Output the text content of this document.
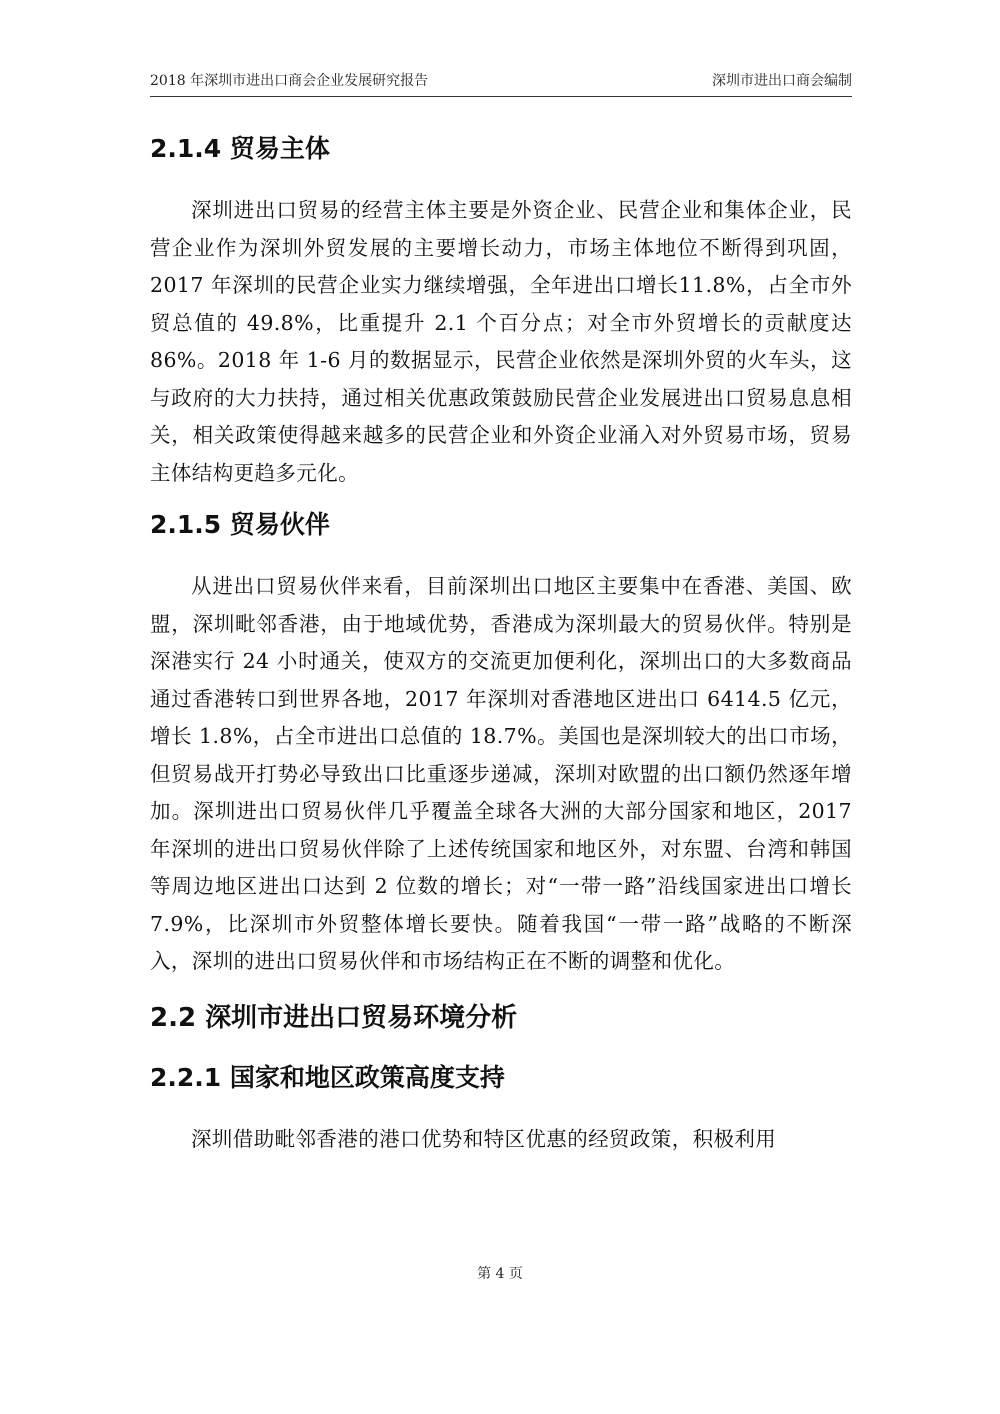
2018 年深圳市进出口商会企业发展研究报告	深圳市进出口商会编制
2.1.4 贸易主体

深圳进出口贸易的经营主体主要是外资企业、民营企业和集体企业，民营企业作为深圳外贸发展的主要增长动力，市场主体地位不断得到巩固，2017 年深圳的民营企业实力继续增强，全年进出口增长11.8%，占全市外贸总值的 49.8%，比重提升 2.1 个百分点；对全市外贸增长的贡献度达 86%。2018 年 1-6 月的数据显示，民营企业依然是深圳外贸的火车头，这与政府的大力扶持，通过相关优惠政策鼓励民营企业发展进出口贸易息息相关，相关政策使得越来越多的民营企业和外资企业涌入对外贸易市场，贸易主体结构更趋多元化。

2.1.5 贸易伙伴

从进出口贸易伙伴来看，目前深圳出口地区主要集中在香港、美国、欧盟，深圳毗邻香港，由于地域优势，香港成为深圳最大的贸易伙伴。特别是深港实行 24 小时通关，使双方的交流更加便利化，深圳出口的大多数商品通过香港转口到世界各地，2017 年深圳对香港地区进出口 6414.5 亿元，增长 1.8%，占全市进出口总值的 18.7%。美国也是深圳较大的出口市场，但贸易战开打势必导致出口比重逐步递减，深圳对欧盟的出口额仍然逐年增加。深圳进出口贸易伙伴几乎覆盖全球各大洲的大部分国家和地区，2017 年深圳的进出口贸易伙伴除了上述传统国家和地区外，对东盟、台湾和韩国等周边地区进出口达到 2 位数的增长；对“一带一路”沿线国家进出口增长 7.9%，比深圳市外贸整体增长要快。随着我国“一带一路”战略的不断深入，深圳的进出口贸易伙伴和市场结构正在不断的调整和优化。

2.2 深圳市进出口贸易环境分析
2.2.1 国家和地区政策高度支持

深圳借助毗邻香港的港口优势和特区优惠的经贸政策，积极利用

第 4 页
